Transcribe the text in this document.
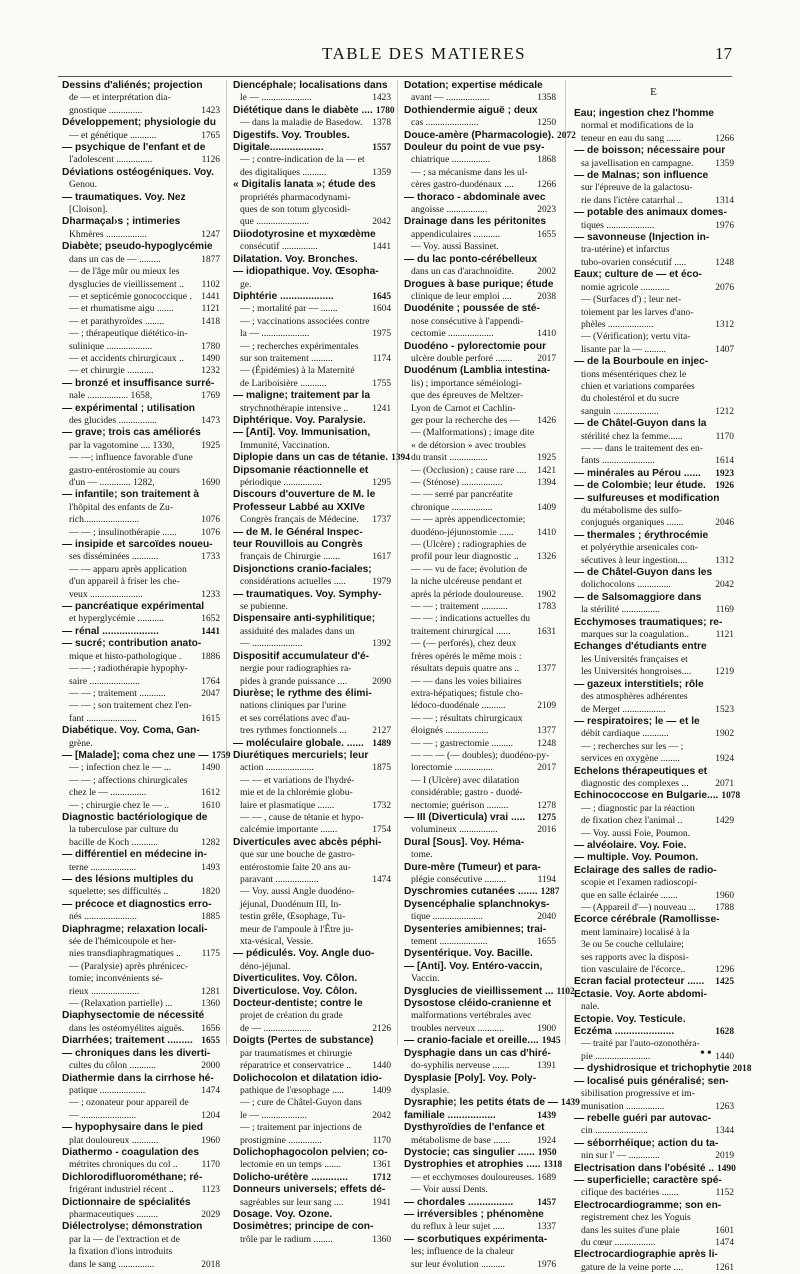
TABLE DES MATIERES	17
Dessins d'aliénés; projection
de — et interprétation dia-
gnostique ..............	1423
Développement; physiologie du
— et génétique ...........	1765
— psychique de l'enfant et de
l'adolescent ...............	1126
Déviations ostéogéniques. Voy.
Genou.
— traumatiques. Voy. Nez
[Cloison].
Dharmaçal›s ; intimeries
Khmères .................	1247
Diabète; pseudo-hypoglycémie
dans un cas de — .........	1877
— de l'âge mûr ou mieux les
dysglucies de vieillissement ..	1102
— et septicémie gonococcique .	1441
— et rhumatisme aigu .......	1121
— et parathyroïdes ........	1418
— ; thérapeutique diétético-in-
sulinique ...................	1780
— et accidents chirurgicaux ..	1490
— et chirurgie ...........	1232
— bronzé et insuffisance surré-
nale ................. 1658,	1769
— expérimental ; utilisation
des glucides ................	1473
— grave; trois cas améliorés
par la vagotomine .... 1330,	1925
— —; influence favorable d'une
gastro-entérostomie au cours
d'un — ............. 1282,	1690
— infantile; son traitement à
l'hôpital des enfants de Zu-
rich.......................	1076
— — ; insulinothérapie ......	1076
— insipide et sarcoïdes noueu-
ses disséminées ...........	1733
— — apparu après application
d'un appareil à friser les che-
veux ......................	1233
— pancréatique expérimental
et hyperglycémie ...........	1652
— rénal ....................	1441
— sucré; contribution anato-
mique et histo-pathologique .	1886
— — ; radiothérapie hypophy-
saire .....................	1764
— — ; traitement ...........	2047
— — ; son traitement chez l'en-
fant .....................	1615
Diabétique. Voy. Coma, Gan-
grène.
— [Malade]; coma chez une — 1759
— ; infection chez le — ...	1490
— — ; affections chirurgicales
chez le — ...............	1612
— ; chirurgie chez le — ..	1610
Diagnostic bactériologique de
la tuberculose par culture du
bacille de Koch ...........	1282
— différentiel en médecine in-
terne ...................	1493
— des lésions multiples du
squelette; ses difficultés ..	1820
— précoce et diagnostics erro-
nés ......................	1885
Diaphragme; relaxation locali-
sée de l'hémicoupole et her-
nies transdiaphragmatiques ..	1175
— (Paralysie) après phrénicec-
tomie; inconvénients sé-
rieux ....................	1281
— (Relaxation partielle) ...	1360
Diaphysectomie de nécessité
dans les ostéomyélites aiguës.	1656
Diarrhées; traitement ......... 1655
— chroniques dans les diverti-
cultes du côlon ...........	2000
Diathermie dans la cirrhose hé-
patique ...................	1474
— ; ozonateur pour appareil de
— .......................	1204
— hypophysaire dans le pied
plat douloureux ...........	1960
Diathermo - coagulation des
métrites chroniques du col ..	1170
Dichlorodifluorométhane; ré-
frigérant industriel récent ..	1123
Dictionnaire de spécialités
pharmaceutiques .........	2029
Diélectrolyse; démonstration
par la — de l'extraction et de
la fixation d'ions introduits
dans le sang ...............	2018
Diencéphale; localisations dans
le — .....................	1423
Diététique dans le diabète .... 1780
— dans la maladie de Basedow.	1378
Digestifs. Voy. Troubles.
Digitale...................	1557
— ; contre-indication de la — et
des digitaliques ..........	1359
« Digitalis lanata »; étude des
propriétés pharmacodynami-
ques de son totum glycosidi-
que ......................	2042
Diiodotyrosine et myxœdème
consécutif ...............	1441
Dilatation. Voy. Bronches.
— idiopathique. Voy. Œsopha-
ge.
Diphtérie ...................	1645
— ; mortalité par — .......	1604
— ; vaccinations associées contre
la — ....................	1975
— ; recherches expérimentales
sur son traitement .........	1174
— (Épidémies) à la Maternité
de Lariboisière ...........	1755
— maligne; traitement par la
strychnothérapie intensive ..	1241
Diphtérique. Voy. Paralysie.
— [Anti]. Voy. Immunisation,
Immunité, Vaccination.
Diplopie dans un cas de tétanie. 1394
Dipsomanie réactionnelle et
périodique ................	1295
Discours d'ouverture de M. le
Professeur Labbé au XXIVe
Congrès français de Médecine.	1737
— de M. le Général Inspec-
teur Rouvillois au Congrès
français de Chirurgie .......	1617
Disjonctions cranio-faciales;
considérations actuelles .....	1979
— traumatiques. Voy. Symphy-
se pubienne.
Dispensaire anti-syphilitique;
assiduité des malades dans un
— .....................	1392
Dispositif accumulateur d'é-
nergie pour radiographies ra-
pides à grande puissance ....	2090
Diurèse; le rythme des élimi-
nations cliniques par l'urine
et ses corrélations avec d'au-
tres rythmes fonctionnels ...	2127
— moléculaire globale. ...... 1489
Diurétiques mercuriels; leur
action ....................	1875
— — et variations de l'hydré-
mie et de la chlorémie globu-
laire et plasmatique .......	1732
— — , cause de tétanie et hypo-
calcémie importante .......	1754
Diverticules avec abcès péphi-
que sur une bouche de gastro-
entérostomie faite 20 ans au-
paravant ..................	1474
— Voy. aussi Angle duodéno-
jéjunal, Duodénum III, In-
testin grêle, Œsophage, Tu-
meur de l'ampoule à l'Être ju-
xta-vésical, Vessie.
— pédiculés. Voy. Angle duo-
déno-jéjunal.
Diverticulites. Voy. Côlon.
Diverticulose. Voy. Côlon.
Docteur-dentiste; contre le
projet de création du grade
de — ....................	2126
Doigts (Pertes de substance)
par traumatismes et chirurgie
réparatrice et conservatrice ..	1440
Dolichocolon et dilatation idio-
pathique de l'œsophage .....	1409
— ; cure de Châtel-Guyon dans
le — ...................	2042
— ; traitement par injections de
prostigmine ..............	1170
Dolichophagocolon pelvien; co-
lectomie en un temps .......	1361
Dolicho-urétère .............	1712
Donneurs universels; effets dé-
sagréables sur leur sang ....	1941
Dosage. Voy. Ozone.
Dosimètres; principe de con-
trôle par le radium ........	1360
Dotation; expertise médicale
avant — ..................	1358
Dothiendermie aiguë ; deux
cas ......................	1250
Douce-amère (Pharmacologie). 2072
Douleur du point de vue psy-
chiatrique ................	1868
— ; sa mécanisme dans les ul-
cères gastro-duodénaux ....	1266
— thoraco - abdominale avec
angoisse .................	2023
Drainage dans les péritonites
appendiculaires ...........	1655
— Voy. aussi Bassinet.
— du lac ponto-cérébelleux
dans un cas d'arachnoïdite.	2002
Drogues à base purique; étude
clinique de leur emploi ....	2038
Duodénite ; poussée de sté-
nose consécutive à l'appendi-
cectomie ...................	1410
Duodéno - pylorectomie pour
ulcère double perforé .......	2017
Duodénum (Lamblia intestina-
lis) ; importance séméiologi-
que des épreuves de Meltzer-
Lyon de Carnot et Cachlin-
ger pour la recherche des —	1426
— (Malformations) ; image dite
« de détorsion » avec troubles
du transit ................	1925
— (Occlusion) ; cause rare ....	1421
— (Sténose) .................	1394
— — serré par pancréatite
chronique .................	1409
— — après appendicectomie;
duodéno-jéjunostomie ......	1410
— (Ulcère) ; radiographies de
profil pour leur diagnostic ..	1326
— — vu de face; évolution de
la niche ulcéreuse pendant et
après la période douloureuse.	1902
— — ; traitement ...........	1783
— — ; indications actuelles du
traitement chirurgical ......	1631
— (— perforés), chez deux
frères opérés le même mois :
résultats depuis quatre ans ..	1377
— — dans les voies biliaires
extra-hépatiques; fistule cho-
lédoco-duodénale ..........	2109
— — ; résultats chirurgicaux
éloignés ..................	1377
— — ; gastrectomie .........	1248
— — — (— doubles); duodéno-py-
lorectomie ................	2017
— I (Ulcère) avec dilatation
considérable; gastro - duodé-
nectomie; guérison .........	1278
— III (Diverticula) vrai .....	1275
volumineux ................	2016
Dural [Sous]. Voy. Héma-
tome.
Dure-mère (Tumeur) et para-
plégie consécutive .........	1194
Dyschromies cutanées ....... 1287
Dysencéphalie splanchnokys-
tique .....................	2040
Dysenteries amibiennes; trai-
tement ....................	1655
Dysentérique. Voy. Bacille.
— [Anti]. Voy. Entéro-vaccin,
Vaccin.
Dysglucies de vieillissement ... 1102
Dysostose cléido-cranienne et
malformations vertébrales avec
troubles nerveux ...........	1900
— cranio-faciale et oreille.... 1945
Dysphagie dans un cas d'hiré-
do-syphilis nerveuse .......	1391
Dysplasie [Poly]. Voy. Poly-
dysplasie.
Dysraphie; les petits états de — 1439
familiale .................	1439
Dysthyroïdies de l'enfance et
métabolisme de base .......	1924
Dystocie; cas singulier ...... 1950
Dystrophies et atrophies ..... 1318
— et ecchymoses douloureuses. 1689
— Voir aussi Dents.
— chordales ................	1457
— irréversibles ; phénomène
du reflux à leur sujet .....	1337
— scorbutiques expérimenta-
les; influence de la chaleur
sur leur évolution ..........	1976
E
Eau; ingestion chez l'homme
normal et modifications de la
teneur en eau du sang ......	1266
— de boisson; nécessaire pour
sa javellisation en campagne.	1359
— de Malnas; son influence
sur l'épreuve de la galactosu-
rie dans l'ictère catarrhal ..	1314
— potable des animaux domes-
tiques ....................	1976
— savonneuse (Injection in-
tra-utérine) et infarctus
tubo-ovarien consécutif .....	1248
Eaux; culture de — et éco-
nomie agricole ............	2076
— (Surfaces d') ; leur net-
toiement par les larves d'ano-
phèles ...................	1312
— (Vérification); vertu vita-
lisante par la — .........	1407
— de la Bourboule en injec-
tions mésentériques chez le
chien et variations comparées
du cholestérol et du sucre
sanguin ...................	1212
— de Châtel-Guyon dans la
stérilité chez la femme......	1170
— — dans le traitement des en-
fants ......................	1614
— minérales au Pérou ......	1923
— de Colombie; leur étude. 1926
— sulfureuses et modification
du métabolisme des sulfo-
conjugués organiques .......	2046
— thermales ; érythrocémie
et polyérythie arsenicales con-
sécutives à leur ingestion....	1312
— de Châtel-Guyon dans les
dolichocolons ..............	2042
— de Salsomaggiore dans
la stérilité ................	1169
Ecchymoses traumatiques; re-
marques sur la coagulation..	1121
Echanges d'étudiants entre
les Universités françaises et
les Universités hongroises....	1219
— gazeux interstitiels; rôle
des atmosphères adhérentes
de Merget ..................	1523
— respiratoires; le — et le
débit cardiaque ...........	1902
— ; recherches sur les — ;
services en oxygène ........	1924
Echelons thérapeutiques et
diagnostic des complexes ...	2071
Echinococcose en Bulgarie.... 1078
— ; diagnostic par la réaction
de fixation chez l'animal ..	1429
— Voy. aussi Foie, Poumon.
— alvéolaire. Voy. Foie.
— multiple. Voy. Poumon.
Eclairage des salles de radio-
scopie et l'examen radioscopi-
que en salle éclairée .......	1960
— (Appareil d'—) nouveau ...	1788
Ecorce cérébrale (Ramollisse-
ment laminaire) localisé à la
3e ou 5e couche cellulaire;
ses rapports avec la disposi-
tion vasculaire de l'écorce..	1296
Ecran facial protecteur ......	1425
Ectasie. Voy. Aorte abdomi-
nale.
Ectopie. Voy. Testicule.
Eczéma .....................	1628
— traité par l'auto-ozonothéra-
pie .......................	1440
— dyshidrosique et trichophytie 2018
— localisé puis généralisé; sen-
sibilisation progressive et im-
munisation ................	1263
— rebelle guéri par autovac-
cin ......................	1344
— séborrhéique; action du ta-
nin sur l' — .............	2019
Electrisation dans l'obésité .. 1490
— superficielle; caractère spé-
cifique des bactéries .......	1152
Electrocardiogramme; son en-
registrement chez les Yoguis
dans les suites d'une plaie	1601
du cœur .................	1474
Electrocardiographie après li-
gature de la veine porte ....	1261
••
